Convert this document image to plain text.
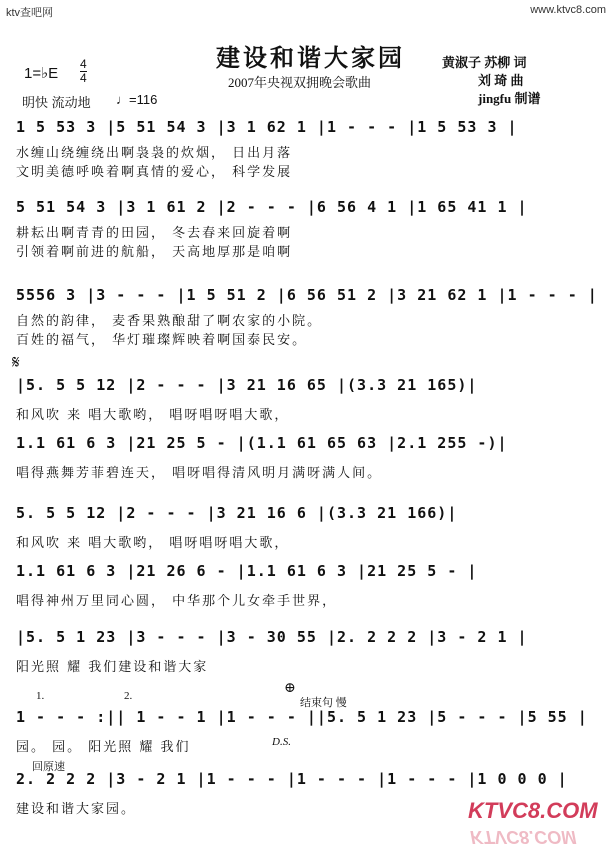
ktv查吧网	www.ktvc8.com
建设和谐大家园
2007年央视双拥晚会歌曲
黄淑子 苏柳 词
刘 琦 曲
jingfu 制谱
1=♭E
4
4
明快 流动地 ♩=116
1 5 53 3 |5 51 54 3 |3 1 62 1 |1 - - - |1 5 53 3 |
水缠山绕缠绕出啊袅袅的炊烟， 日出月落
文明美德呼唤着啊真情的爱心， 科学发展
5 51 54 3 |3 1 61 2 |2 - - - |6 56 4 1 |1 65 41 1 |
耕耘出啊青青的田园， 冬去春来回旋着啊
引领着啊前进的航船， 天高地厚那是咱啊
5556 3 |3 - - - |1 5 51 2 |6 56 51 2 |3 21 62 1 |1 - - - |
自然的韵律， 麦香果熟酿甜了啊农家的小院。
百姓的福气， 华灯璀璨辉映着啊国泰民安。
𝄋
|5. 5 5 12 |2 - - - |3 21 16 65 |(3.3 21 165)|
和风吹 来 唱大歌哟， 唱呀唱呀唱大歌，
1.1 61 6 3 |21 25 5 - |(1.1 61 65 63 |2.1 255 -)|
唱得燕舞芳菲碧连天， 唱呀唱得清风明月满呀满人间。
5. 5 5 12 |2 - - - |3 21 16 6 |(3.3 21 166)|
和风吹 来 唱大歌哟， 唱呀唱呀唱大歌，
1.1 61 6 3 |21 26 6 - |1.1 61 6 3 |21 25 5 - |
唱得神州万里同心圆， 中华那个儿女牵手世界，
|5. 5 1 23 |3 - - - |3 - 30 55 |2. 2 2 2 |3 - 2 1 |
阳光照 耀 我们建设和谐大家
1.	2.	⊕
结束句 慢
1 - - - :|| 1 - - 1 |1 - - - ||5. 5 1 23 |5 - - - |5 55 |
园。 园。 阳光照 耀 我们	D.S.
回原速
2. 2 2 2 |3 - 2 1 |1 - - - |1 - - - |1 - - - |1 0 0 0 |
建设和谐大家园。	KTVC8.COM
KTVC8.COM
